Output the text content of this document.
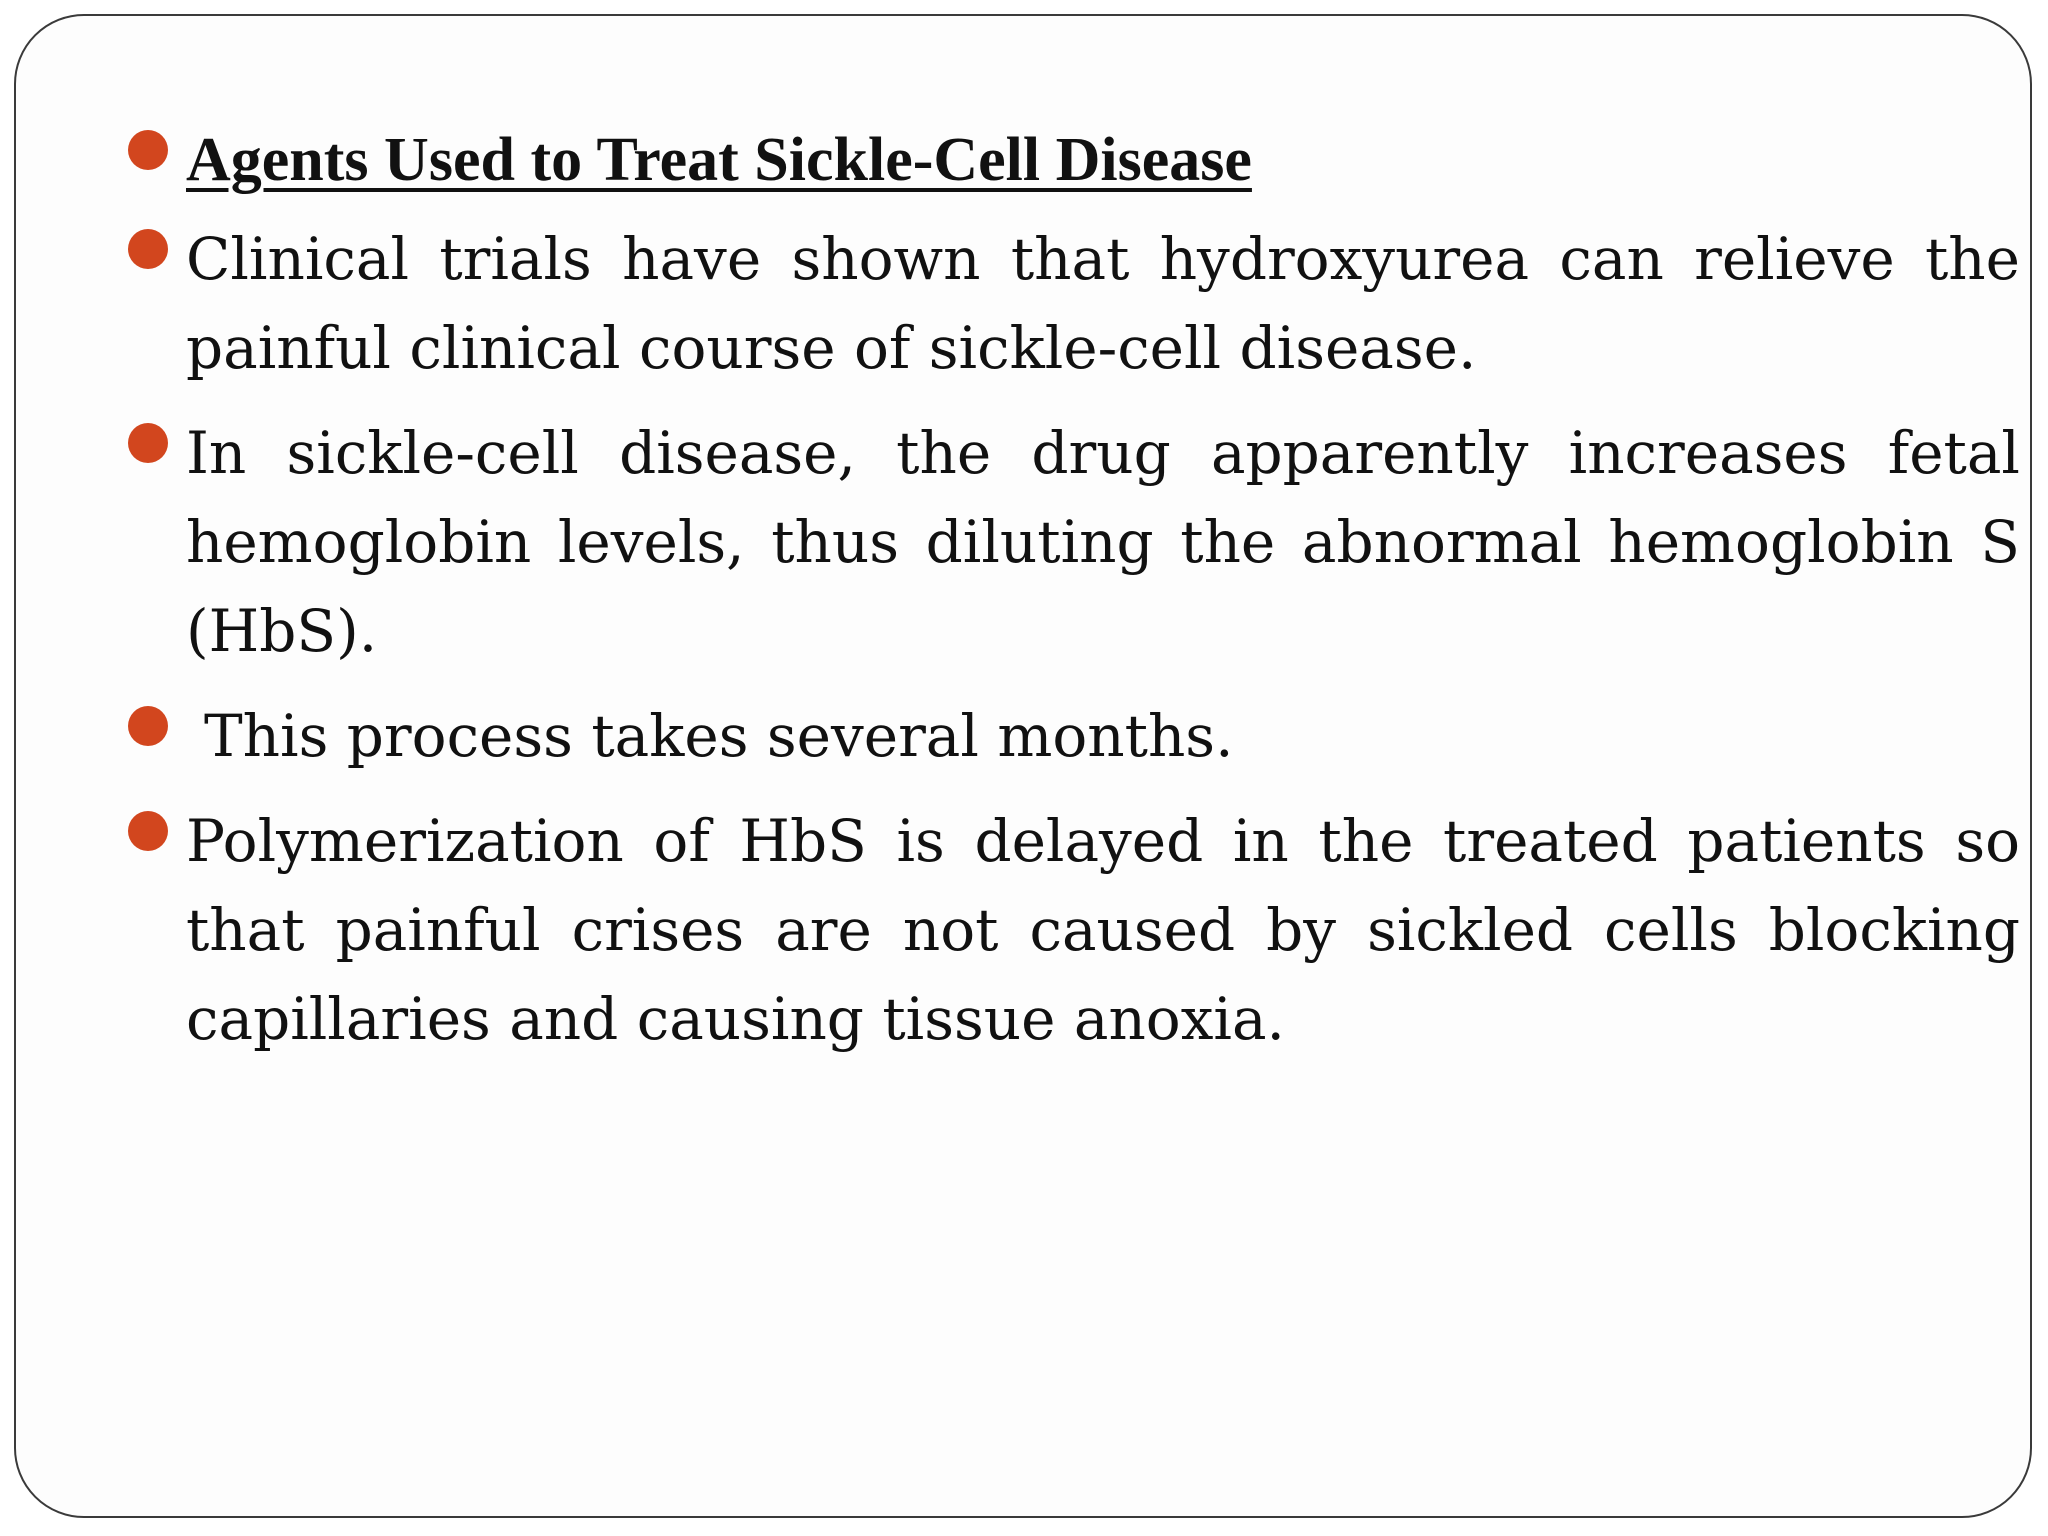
Agents Used to Treat Sickle-Cell Disease
Clinical trials have shown that hydroxyurea can relieve the painful clinical course of sickle-cell disease.
In sickle-cell disease, the drug apparently increases fetal hemoglobin levels, thus diluting the abnormal hemoglobin S (HbS).
This process takes several months.
Polymerization of HbS is delayed in the treated patients so that painful crises are not caused by sickled cells blocking capillaries and causing tissue anoxia.
